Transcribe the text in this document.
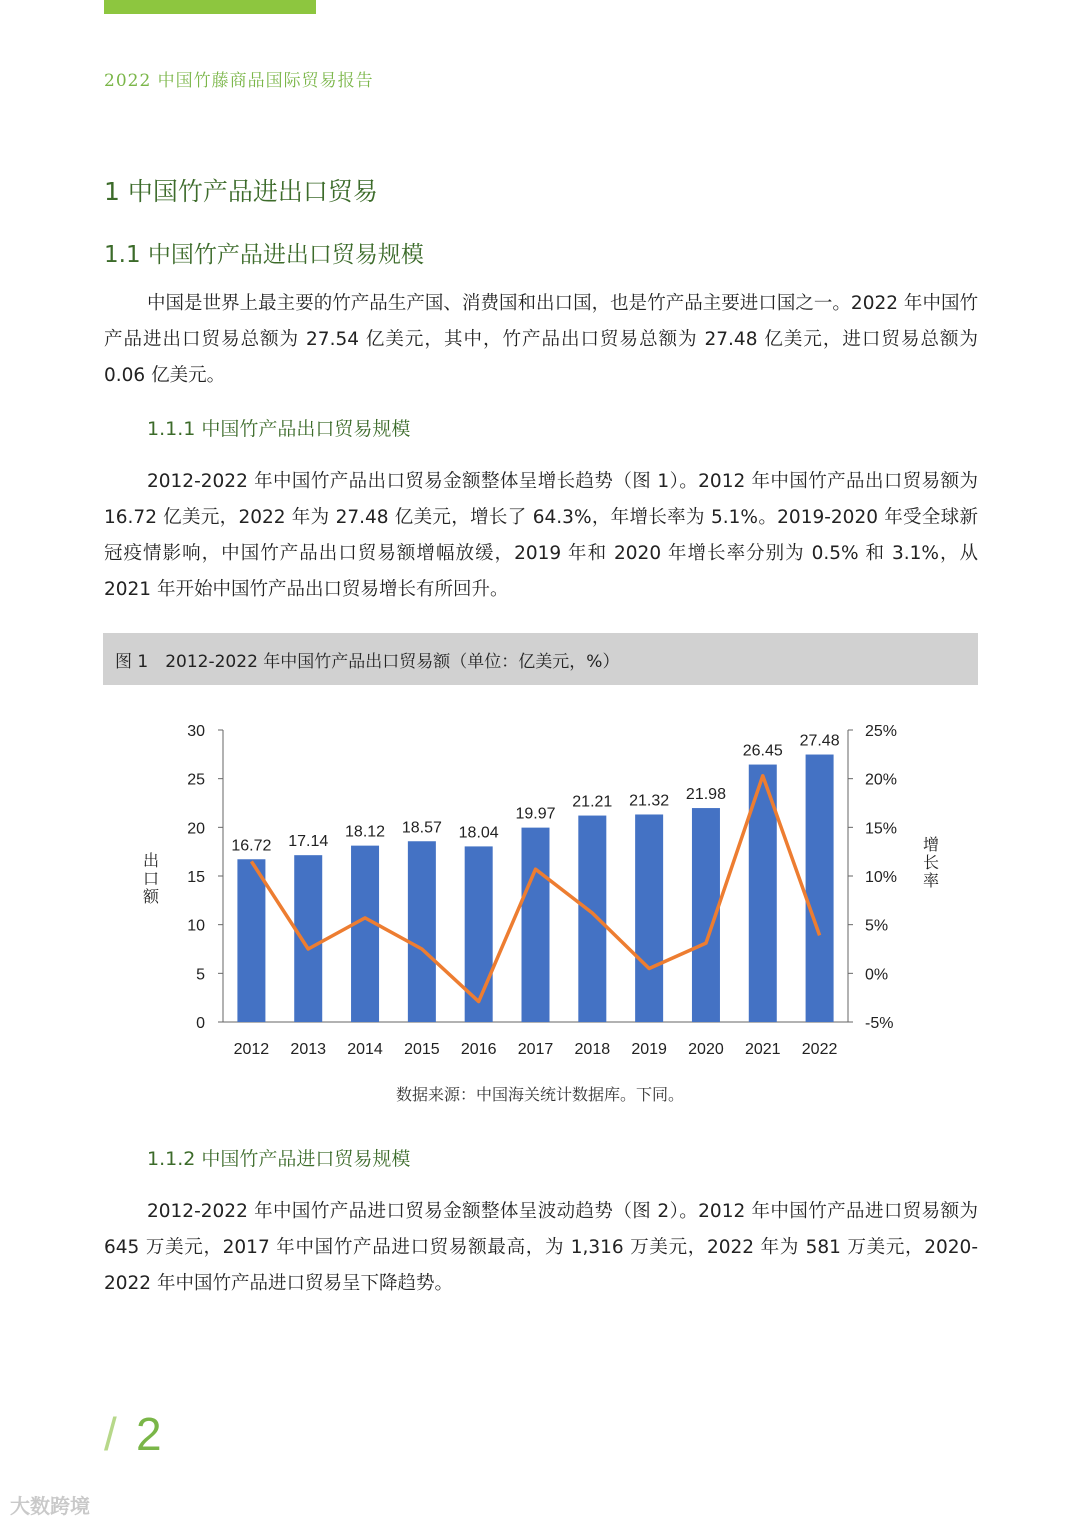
2022 中国竹藤商品国际贸易报告
1 中国竹产品进出口贸易
1.1 中国竹产品进出口贸易规模

中国是世界上最主要的竹产品生产国、消费国和出口国，也是竹产品主要进口国之一。2022 年中国竹产品进出口贸易总额为 27.54 亿美元，其中，竹产品出口贸易总额为 27.48 亿美元，进口贸易总额为 0.06 亿美元。

1.1.1 中国竹产品出口贸易规模

2012-2022 年中国竹产品出口贸易金额整体呈增长趋势（图 1）。2012 年中国竹产品出口贸易额为 16.72 亿美元，2022 年为 27.48 亿美元，增长了 64.3%，年增长率为 5.1%。2019-2020 年受全球新冠疫情影响，中国竹产品出口贸易额增幅放缓，2019 年和 2020 年增长率分别为 0.5% 和 3.1%，从 2021 年开始中国竹产品出口贸易增长有所回升。

图 1　2012-2022 年中国竹产品出口贸易额（单位：亿美元，%）
0
5
10
15
20
25
30
-5%
0%
5%
10%
15%
20%
25%
出
口
额
增
长
率
16.72
2012
17.14
2013
18.12
2014
18.57
2015
18.04
2016
19.97
2017
21.21
2018
21.32
2019
21.98
2020
26.45
2021
27.48
2022
数据来源：中国海关统计数据库。下同。
1.1.2 中国竹产品进口贸易规模

2012-2022 年中国竹产品进口贸易金额整体呈波动趋势（图 2）。2012 年中国竹产品进口贸易额为 645 万美元，2017 年中国竹产品进口贸易额最高，为 1,316 万美元，2022 年为 581 万美元，2020-2022 年中国竹产品进口贸易呈下降趋势。

/ 2
大数跨境
